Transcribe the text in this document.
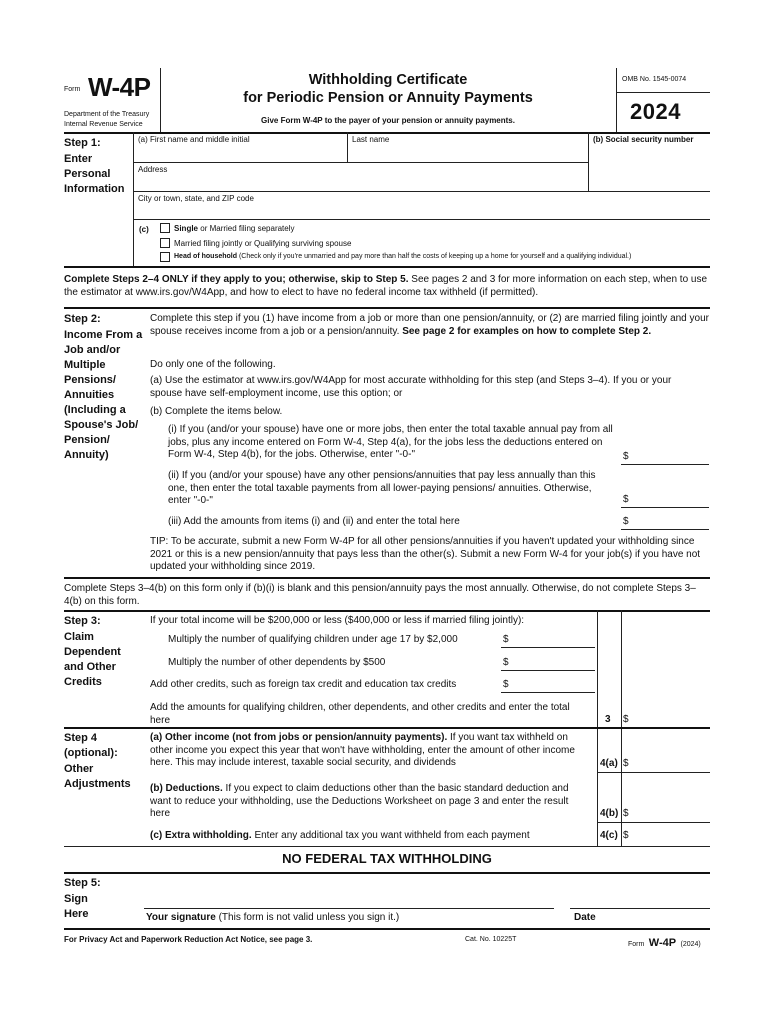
Form W-4P
Department of the Treasury
Internal Revenue Service
Withholding Certificate
for Periodic Pension or Annuity Payments
Give Form W-4P to the payer of your pension or annuity payments.
OMB No. 1545-0074
2024
Step 1:
Enter Personal Information
(a) First name and middle initial	Last name	(b) Social security number
Address
City or town, state, and ZIP code
(c)	Single or Married filing separately
Married filing jointly or Qualifying surviving spouse
Head of household (Check only if you're unmarried and pay more than half the costs of keeping up a home for yourself and a qualifying individual.)
Complete Steps 2–4 ONLY if they apply to you; otherwise, skip to Step 5. See pages 2 and 3 for more information on each step, when to use the estimator at www.irs.gov/W4App, and how to elect to have no federal income tax withheld (if permitted).
Step 2:
Income From a Job and/or Multiple Pensions/ Annuities (Including a Spouse's Job/ Pension/ Annuity)
Complete this step if you (1) have income from a job or more than one pension/annuity, or (2) are married filing jointly and your spouse receives income from a job or a pension/annuity. See page 2 for examples on how to complete Step 2.
Do only one of the following.
(a) Use the estimator at www.irs.gov/W4App for most accurate withholding for this step (and Steps 3–4). If you or your spouse have self-employment income, use this option; or
(b) Complete the items below.
(i) If you (and/or your spouse) have one or more jobs, then enter the total taxable annual pay from all jobs, plus any income entered on Form W-4, Step 4(a), for the jobs less the deductions entered on Form W-4, Step 4(b), for the jobs. Otherwise, enter "-0-"	$
(ii) If you (and/or your spouse) have any other pensions/annuities that pay less annually than this one, then enter the total taxable payments from all lower-paying pensions/ annuities. Otherwise, enter "-0-"	$
(iii) Add the amounts from items (i) and (ii) and enter the total here	$
TIP: To be accurate, submit a new Form W-4P for all other pensions/annuities if you haven't updated your withholding since 2021 or this is a new pension/annuity that pays less than the other(s). Submit a new Form W-4 for your job(s) if you have not updated your withholding since 2019.
Complete Steps 3–4(b) on this form only if (b)(i) is blank and this pension/annuity pays the most annually. Otherwise, do not complete Steps 3–4(b) on this form.
Step 3:
Claim Dependent and Other Credits
If your total income will be $200,000 or less ($400,000 or less if married filing jointly):
Multiply the number of qualifying children under age 17 by $2,000	$
Multiply the number of other dependents by $500	$
Add other credits, such as foreign tax credit and education tax credits	$
Add the amounts for qualifying children, other dependents, and other credits and enter the total here	3 $
Step 4 (optional):
Other Adjustments
(a) Other income (not from jobs or pension/annuity payments). If you want tax withheld on other income you expect this year that won't have withholding, enter the amount of other income here. This may include interest, taxable social security, and dividends	4(a) $
(b) Deductions. If you expect to claim deductions other than the basic standard deduction and want to reduce your withholding, use the Deductions Worksheet on page 3 and enter the result here	4(b) $
(c) Extra withholding. Enter any additional tax you want withheld from each payment	4(c) $
NO FEDERAL TAX WITHHOLDING
Step 5:
Sign Here	Your signature (This form is not valid unless you sign it.)	Date
For Privacy Act and Paperwork Reduction Act Notice, see page 3.	Cat. No. 10225T
Form W-4P (2024)
